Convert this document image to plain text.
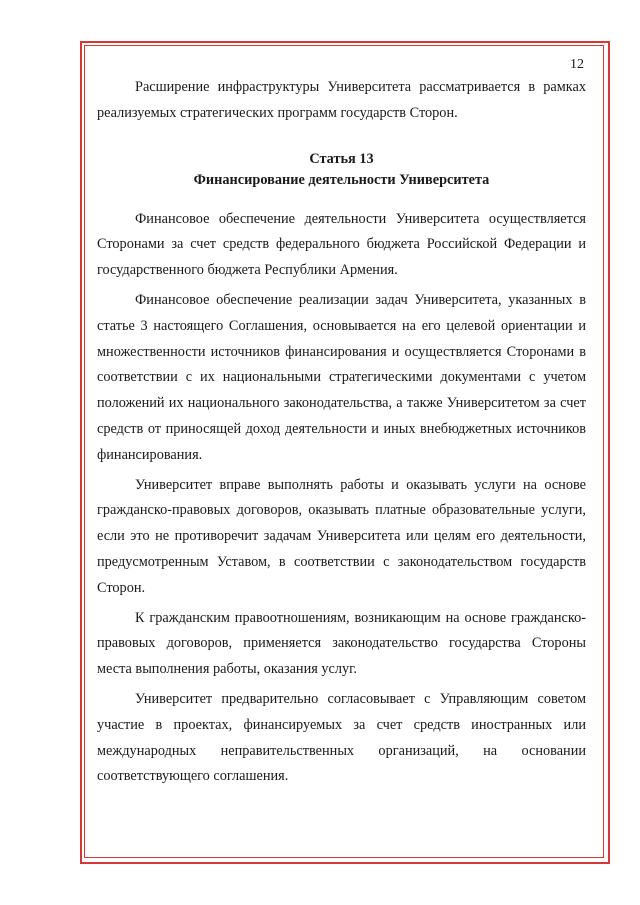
12

Расширение инфраструктуры Университета рассматривается в рамках реализуемых стратегических программ государств Сторон.

Статья 13
Финансирование деятельности Университета

Финансовое обеспечение деятельности Университета осуществляется Сторонами за счет средств федерального бюджета Российской Федерации и государственного бюджета Республики Армения.

Финансовое обеспечение реализации задач Университета, указанных в статье 3 настоящего Соглашения, основывается на его целевой ориентации и множественности источников финансирования и осуществляется Сторонами в соответствии с их национальными стратегическими документами с учетом положений их национального законодательства, а также Университетом за счет средств от приносящей доход деятельности и иных внебюджетных источников финансирования.

Университет вправе выполнять работы и оказывать услуги на основе гражданско-правовых договоров, оказывать платные образовательные услуги, если это не противоречит задачам Университета или целям его деятельности, предусмотренным Уставом, в соответствии с законодательством государств Сторон.

К гражданским правоотношениям, возникающим на основе гражданско-правовых договоров, применяется законодательство государства Стороны места выполнения работы, оказания услуг.

Университет предварительно согласовывает с Управляющим советом участие в проектах, финансируемых за счет средств иностранных или международных неправительственных организаций, на основании соответствующего соглашения.
